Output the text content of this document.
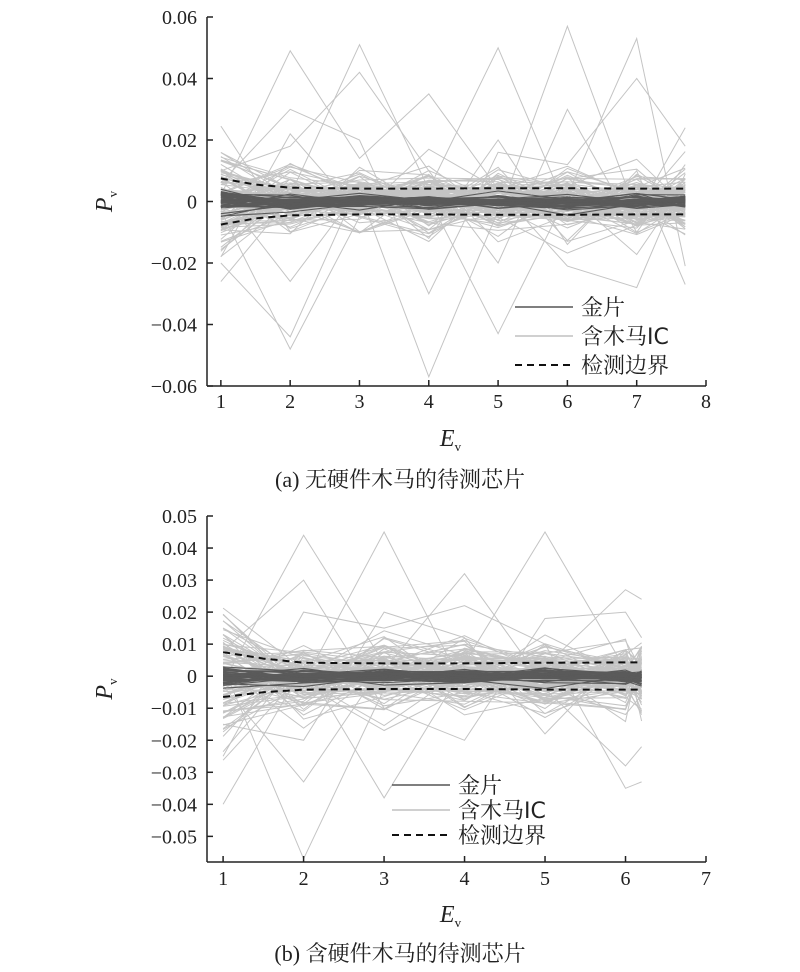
−0.06
−0.04
−0.02
0
0.02
0.04
0.06
1	2	3	4	5	6	7	8
$E_v$
$P_v$
金片
含木马IC
检测边界
(a) 无硬件木马的待测芯片
−0.05
−0.04
−0.03
−0.02
−0.01
0
0.01
0.02
0.03
0.04
0.05
1	2	3	4	5	6	7
$E_v$
$P_v$
金片
含木马IC
检测边界
(b) 含硬件木马的待测芯片
